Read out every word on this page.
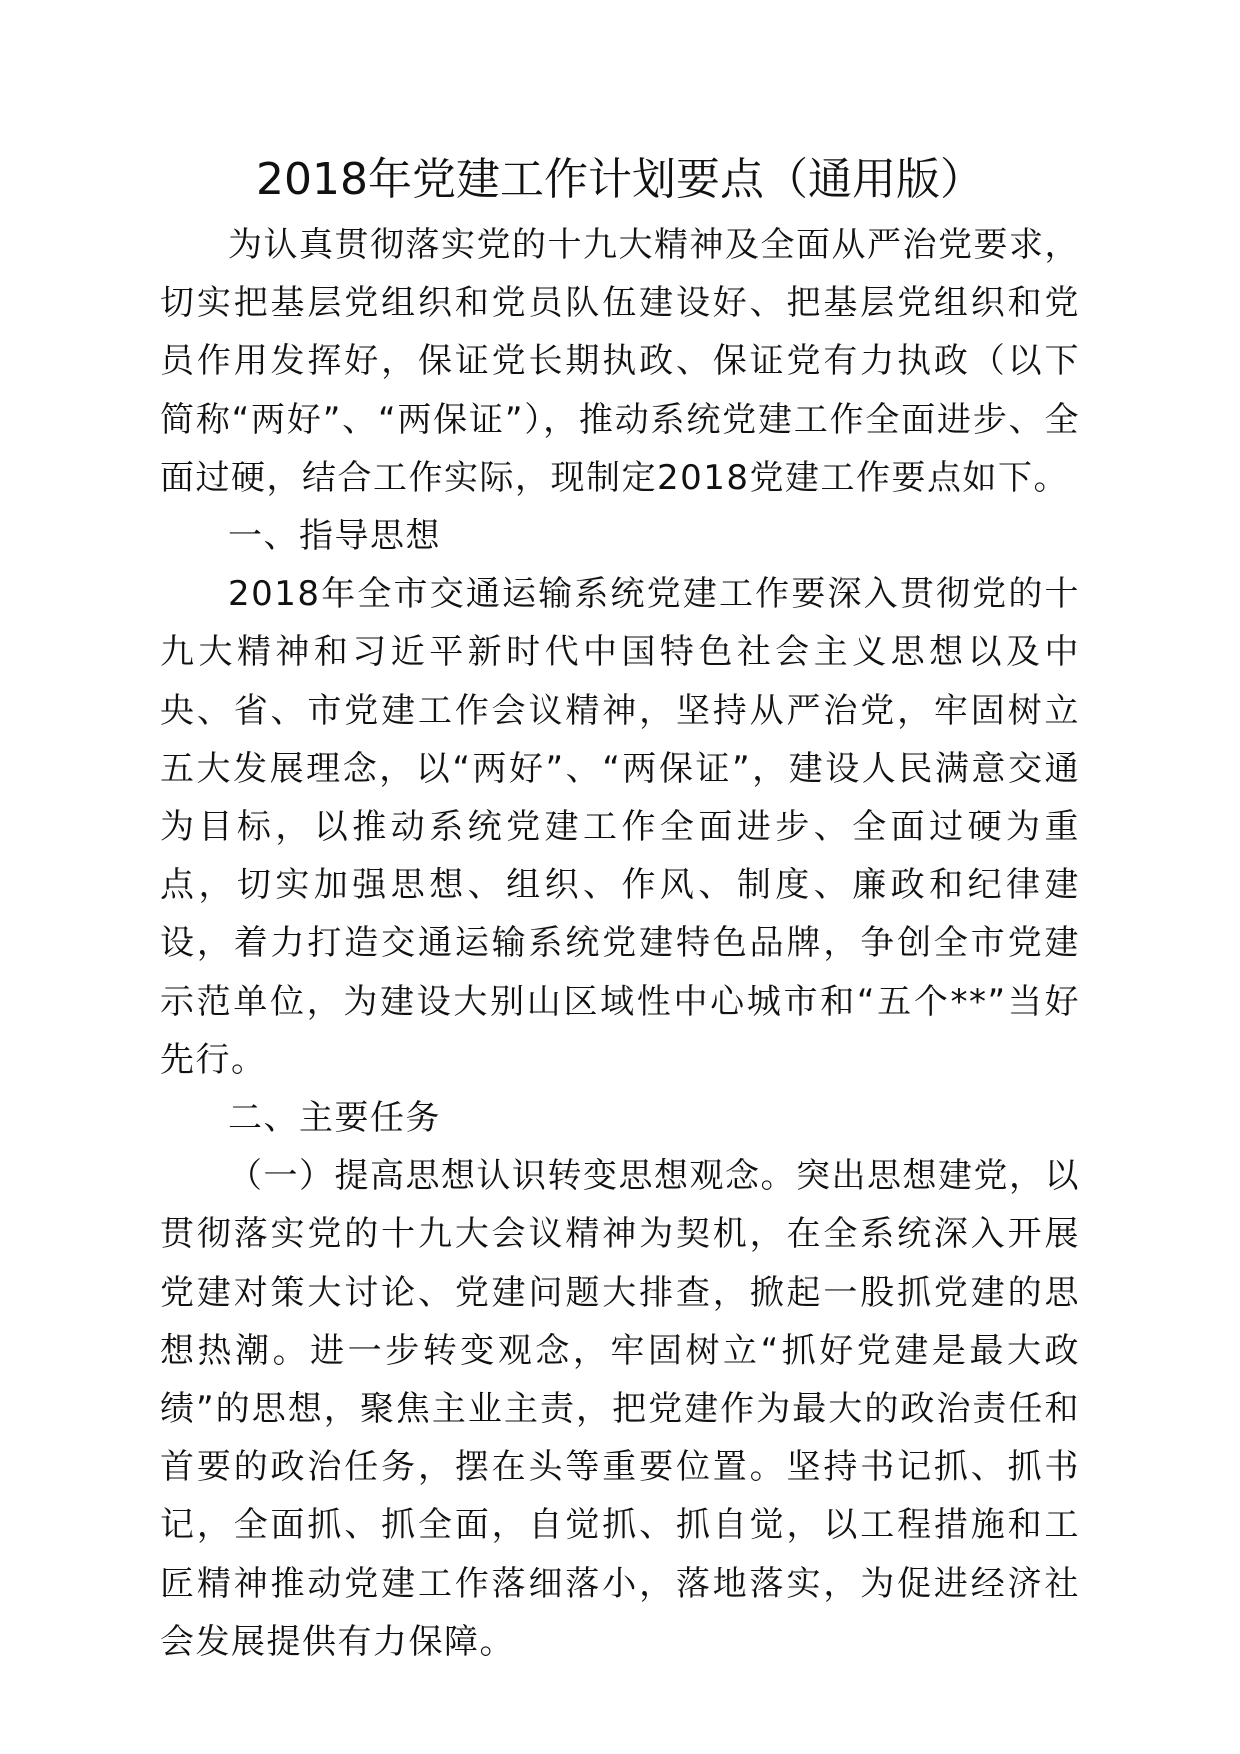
2018年党建工作计划要点（通用版）

为认真贯彻落实党的十九大精神及全面从严治党要求，切实把基层党组织和党员队伍建设好、把基层党组织和党员作用发挥好，保证党长期执政、保证党有力执政（以下简称“两好”、“两保证”），推动系统党建工作全面进步、全面过硬，结合工作实际，现制定2018党建工作要点如下。

一、指导思想

2018年全市交通运输系统党建工作要深入贯彻党的十九大精神和习近平新时代中国特色社会主义思想以及中央、省、市党建工作会议精神，坚持从严治党，牢固树立五大发展理念，以“两好”、“两保证”，建设人民满意交通为目标，以推动系统党建工作全面进步、全面过硬为重点，切实加强思想、组织、作风、制度、廉政和纪律建设，着力打造交通运输系统党建特色品牌，争创全市党建示范单位，为建设大别山区域性中心城市和“五个**”当好先行。

二、主要任务

（一）提高思想认识转变思想观念。突出思想建党，以贯彻落实党的十九大会议精神为契机，在全系统深入开展党建对策大讨论、党建问题大排查，掀起一股抓党建的思想热潮。进一步转变观念，牢固树立“抓好党建是最大政绩”的思想，聚焦主业主责，把党建作为最大的政治责任和首要的政治任务，摆在头等重要位置。坚持书记抓、抓书记，全面抓、抓全面，自觉抓、抓自觉，以工程措施和工匠精神推动党建工作落细落小，落地落实，为促进经济社会发展提供有力保障。
